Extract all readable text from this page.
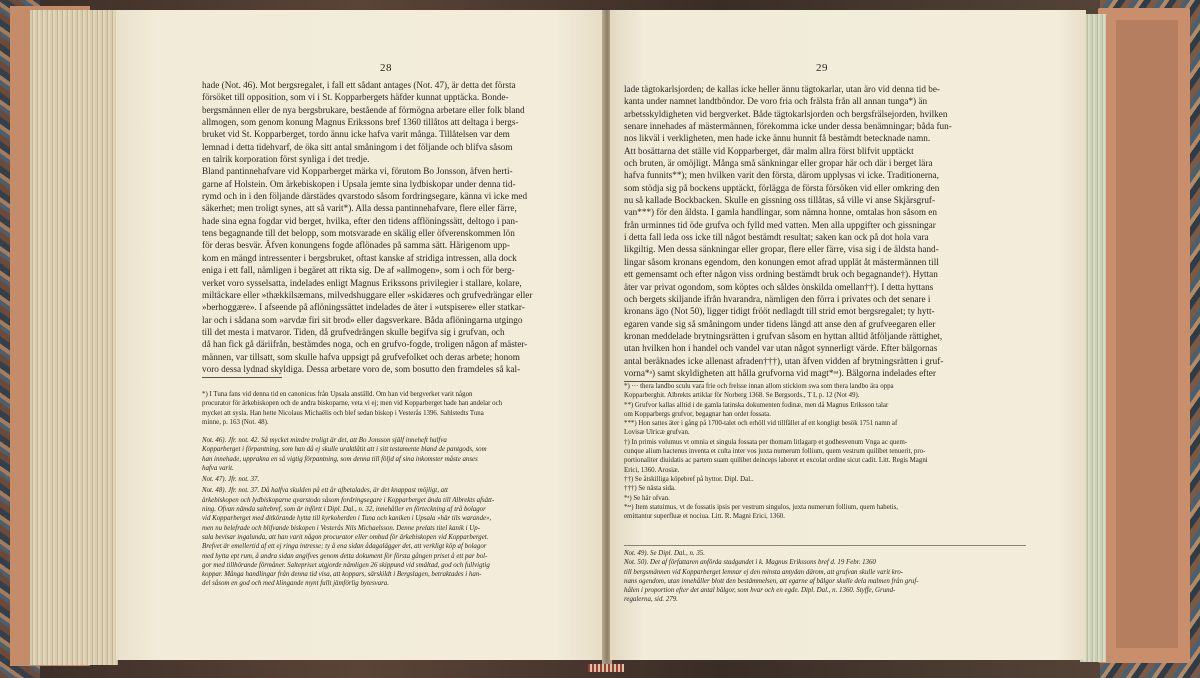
28
hade (Not. 46). Mot bergsregalet, i fall ett sådant antages (Not. 47), är detta det första
försöket till opposition, som vi i St. Kopparbergets häfder kunnat upptäcka. Bonde-
bergsmännen eller de nya bergsbrukare, bestående af förmögna arbetare eller folk bland
allmogen, som genom konung Magnus Erikssons bref 1360 tillåtos att deltaga i bergs-
bruket vid St. Kopparberget, tordo ännu icke hafva varit många. Tillåtelsen var dem
lemnad i detta tidehvarf, de öka sitt antal småningom i det följande och blifva såsom
en talrik korporation först synliga i det tredje.
Bland pantinnehafvare vid Kopparberget märka vi, förutom Bo Jonsson, äfven herti-
garne af Holstein. Om ärkebiskopen i Upsala jemte sina lydbiskopar under denna tid-
rymd och in i den följande därstädes qvarstodo såsom fordringsegare, känna vi icke med
säkerhet; men troligt synes, att så varit*). Alla dessa pantinnehafvare, flere eller färre,
hade sina egna fogdar vid berget, hvilka, efter den tidens afflöningssätt, deltogo i pan-
tens begagnande till det belopp, som motsvarade en skälig eller öfverenskommen lön
för deras besvär. Äfven konungens fogde aflönades på samma sätt. Härigenom upp-
kom en mängd intressenter i bergsbruket, oftast kanske af stridiga intressen, alla dock
eniga i ett fall, nämligen i begäret att rikta sig. De af »allmogen», som i och för berg-
verket voro sysselsatta, indelades enligt Magnus Erikssons privilegier i stallare, kolare,
miltäckare eller »thækkilsæmans, milvedshuggare eller »skidæres och grufvedrängar eller
»berhoggære». I afseende på aflöningssättet indelades de äter i »utspisere» eller statkar-
lar och i sådana som »arvdæ firi sit brod» eller dagsverkare. Båda aflöningarna utgingo
till det mesta i matvaror. Tiden, då grufvedrängen skulle begifva sig i grufvan, och
då han fick gå däriifrån, bestämdes noga, och en grufvo-fogde, troligen någon af mäster-
männen, var tillsatt, som skulle hafva uppsigt på grufvefolket och deras arbete; honom
voro dessa lydnad skyldiga. Dessa arbetare voro de, som bosutto den framdeles så kal-
*) I Tuna fans vid denna tid en canonicus från Upsala anställd. Om han vid bergverket varit någon
procurator för ärkebiskopen och de andra biskoparne, veta vi ej; men vid Kopparberget hade han andelar och
mycket att sysla. Han hette Nicolaus Michaëlis och blef sedan biskop i Vesterås 1396. Sahlstedts Tuna
minne, p. 163 (Not. 48).
Not. 46). Jfr. not. 42. Så mycket mindre troligt är det, att Bo Jonsson själf inneheft halfva
Kopparberget i förpantning, som han då ej skulle uraktlåtit att i sitt testamente bland de pantgods, som
han innehade, upprakna en så vigtig förpantning, som denna till följd af sina inkomster måste anses
hafva varit.
Not. 47). Jfr. not. 37.
Not. 48). Jfr. not. 37. Då halfva skulden på ett år afbetalades, är det knappast möjligt, att
ärkebiskopen och lydbiskoparne qvarstodo såsom fordringsegare i Kopparberget ända till Albrekts afsätt-
ning. Ofvan nämda saltebref, som är införtt i Dipl. Dal., n. 32, innehåller en förteckning af trå bolagor
vid Kopparberget med ditkörande hytta till kyrkoherden i Tuna och kaniken i Upsala »här tils warande»,
men nu belefrade och blifvande biskopen i Vesterås Nils Michaelsson. Denne prelats titel kanik i Up-
sala bevisar ingalunda, att han varit någon procurator eller ombud för ärkebiskopen vid Kopparberget.
Brefvet är emellertid af ett ej ringa intresse; ty å ena sidan ådagalägger det, att verkligt köp af bolagor
med hytta ept rum, å andra sidan angifves genom detta dokument för första gången priset å ett par bol-
gor med tillhörande förmåner. Saltepriset utgjorde nämligen 26 skippund vid smältad, god och fullvigtig
koppar. Många handlingar från denna tid visa, att koppars, särskildt i Bergslagen, betraktades i han-
del såsom en god och med klingande mynt fullt jämförlig bytesvara.
29
lade tägtokarlsjorden; de kallas icke heller ännu tägtokarlar, utan äro vid denna tid be-
kanta under namnet landtböndor. De voro fria och frälsta från all annan tunga*) än
arbetsskyldigheten vid bergverket. Både tägtokarlsjorden och bergsfrälsejorden, hvilken
senare innehades af mästermännen, förekomma icke under dessa benämningar; båda fun-
nos likväl i verkligheten, men hade icke ännu hunnit få bestämdt betecknade namn.
Att bosättarna det ställe vid Kopparberget, där malm allra först blifvit upptäckt
och bruten, är omöjligt. Många små sänkningar eller gropar här och där i berget lära
hafva funnits**); men hvilken varit den första, därom upplysas vi icke. Traditionerna,
som stödja sig på bockens upptäckt, förlägga de första försöken vid eller omkring den
nu så kallade Bockbacken. Skulle en gissning oss tillåtas, så ville vi anse Skjärsgruf-
van***) för den äldsta. I gamla handlingar, som nämna honne, omtalas hon såsom en
från urminnes tid öde grufva och fylld med vatten. Men alla uppgifter och gissningar
i detta fall leda oss icke till något bestämdt resultat; saken kan ock på dot hola vara
likgiltig. Men dessa sänkningar eller gropar, flere eller färre, visa sig i de äldsta hand-
lingar såsom kronans egendom, den konungen emot afrad upplät åt mästermännen till
ett gemensamt och efter någon viss ordning bestämdt bruk och begagnande†). Hyttan
äter var privat ogondom, som köptes och såldes ònskilda omellan††). I detta hyttans
och bergets skiljande ifrån hvarandra, nämligen den förra i privates och det senare i
kronans ägo (Not 50), ligger tidigt frööt nedlagdt till strid emot bergsregalet; ty hytt-
egaren vande sig så småningom under tidens längd att anse den af grufveegaren eller
kronan meddelade brytningsrätten i grufvan såsom en hyttan alltid åtföljande rättighet,
utan hvilken hon i handel och vandel var utan något synnerligt värde. Efter bälgornas
antal beräknades icke allenast afraden†††), utan äfven vidden af brytningsrätten i gruf-
vorna*ᵃ) samt skyldigheten att hålla grufvorna vid magt*ᵃᵃ). Bälgorna indelades efter
*) ··· thera landbo sculu vara frie och frelsse innan allom stickiom swa som thera landbo ära oppa
Kopparberghit. Albrekts artiklar för Norberg 1368. Se Bergsords., T I, p. 12 (Not 49).
**) Grufvor kallas alltid i de gamla latinska dokumenten fodinæ, men då Magnus Eriksson talar
om Kopparbergs grufvor, begagnar han ordet fossata.
***) Hon sattes äter i gång på 1700-talet och erhöll vid tillfället af ett kongligt besök 1751 namn af
Lovisæ Ulricæ grufvan.
†) In primis volumus vt omnia et singula fossata per thomam litlagarp et godhesvenum Vnga ac quem-
cunque alium hactenus inventa et culta inter vos juxta numerum follium, quem vestrum quilibet tenuerit, pro-
portionaliter diuidatis ac partem suam quilibet deinceps laboret et excolat ordine sicut cadit. Litt. Regis Magni
Erici, 1360. Arosiæ.
††) Se åtskilliga köpebref på hyttor. Dipl. Dal..
†††) Se nästa sida.
*ᵃ) Se här ofvan.
*ᵃᵃ) Item statuimus, vt de fossatis ipsis per vestrum singulos, juxta numerum follium, quem habetis,
emittantur superfluæ et nociua. Litt. R. Magni Erici, 1360.
Not. 49). Se Dipl. Dal., n. 35.
Not. 50). Det af författaren anförda stadgandet i k. Magnus Erikssons bref d. 19 Febr. 1360
till bergsmännen vid Kopparberget lemnar ej den minsta antydan därom, att grufvan skulle varit kro-
nans ogendom, utan innehåller blott den bestämmelsen, att egarne af bälgor skulle dela malmen från gruf-
hålen i proportion efter det antal bälgor, som hvar och en egde. Dipl. Dal., n. 1360. Styffe, Grund-
regalerna, sid. 279.
